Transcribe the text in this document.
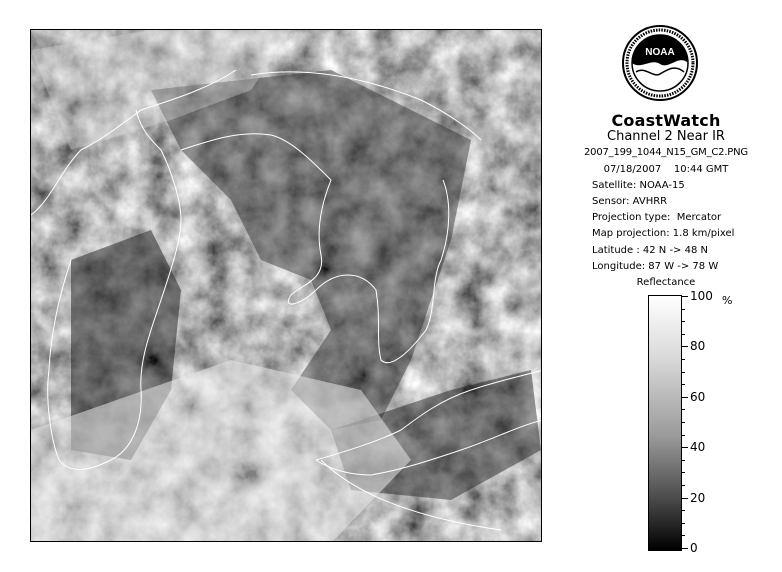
NOAA
CoastWatch
Channel 2 Near IR
2007_199_1044_N15_GM_C2.PNG
07/18/2007    10:44 GMT
Satellite: NOAA-15
Sensor: AVHRR
Projection type:  Mercator
Map projection: 1.8 km/pixel
Latitude : 42 N -> 48 N
Longitude: 87 W -> 78 W
Reflectance
%
100
80
60
40
20
0
